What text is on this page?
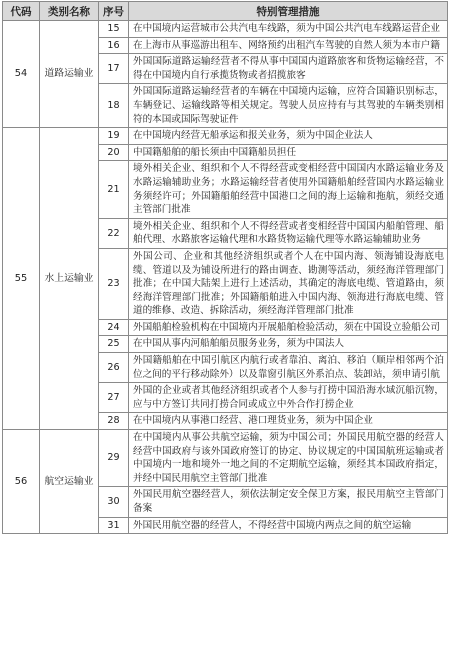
代码	类别名称	序号	特别管理措施
54	道路运输业	15	在中国境内运营城市公共汽电车线路，须为中国公共汽电车线路运营企业
		16	在上海市从事巡游出租车、网络预约出租汽车驾驶的自然人须为本市户籍
		17	外国国际道路运输经营者不得从事中国国内道路旅客和货物运输经营，不得在中国境内自行承揽货物或者招揽旅客
		18	外国国际道路运输经营者的车辆在中国境内运输，应符合国籍识别标志，车辆登记、运输线路等相关规定。驾驶人员应持有与其驾驶的车辆类别相符的本国或国际驾驶证件
55	水上运输业	19	在中国境内经营无船承运和报关业务，须为中国企业法人
		20	中国籍船舶的船长须由中国籍船员担任
		21	境外相关企业、组织和个人不得经营或变相经营中国国内水路运输业务及水路运输辅助业务；水路运输经营者使用外国籍船舶经营国内水路运输业务须经许可；外国籍船舶经营中国港口之间的海上运输和拖航，须经交通主管部门批准
		22	境外相关企业、组织和个人不得经营或者变相经营中国国内船舶管理、船舶代理、水路旅客运输代理和水路货物运输代理等水路运输辅助业务
		23	外国公司、企业和其他经济组织或者个人在中国内海、领海铺设海底电缆、管道以及为铺设所进行的路由调查、勘测等活动，须经海洋管理部门批准；在中国大陆架上进行上述活动，其确定的海底电缆、管道路由，须经海洋管理部门批准；外国籍船舶进入中国内海、领海进行海底电缆、管道的维修、改造、拆除活动，须经海洋管理部门批准
		24	外国船舶检验机构在中国境内开展船舶检验活动，须在中国设立验船公司
		25	在中国从事内河船舶船员服务业务，须为中国法人
		26	外国籍船舶在中国引航区内航行或者靠泊、离泊、移泊（顺岸相邻两个泊位之间的平行移动除外）以及靠窗引航区外系泊点、装卸站，须申请引航
		27	外国的企业或者其他经济组织或者个人参与打捞中国沿海水域沉船沉物，应与中方签订共同打捞合同或成立中外合作打捞企业
		28	在中国境内从事港口经营、港口理货业务，须为中国企业
56	航空运输业	29	在中国境内从事公共航空运输，须为中国公司；外国民用航空器的经营人经营中国政府与该外国政府签订的协定、协议规定的中国国航班运输或者中国境内一地和境外一地之间的不定期航空运输，须经其本国政府指定，并经中国民用航空主管部门批准
		30	外国民用航空器经营人，须依法制定安全保卫方案，报民用航空主管部门备案
		31	外国民用航空器的经营人，不得经营中国境内两点之间的航空运输
中国一带一路
